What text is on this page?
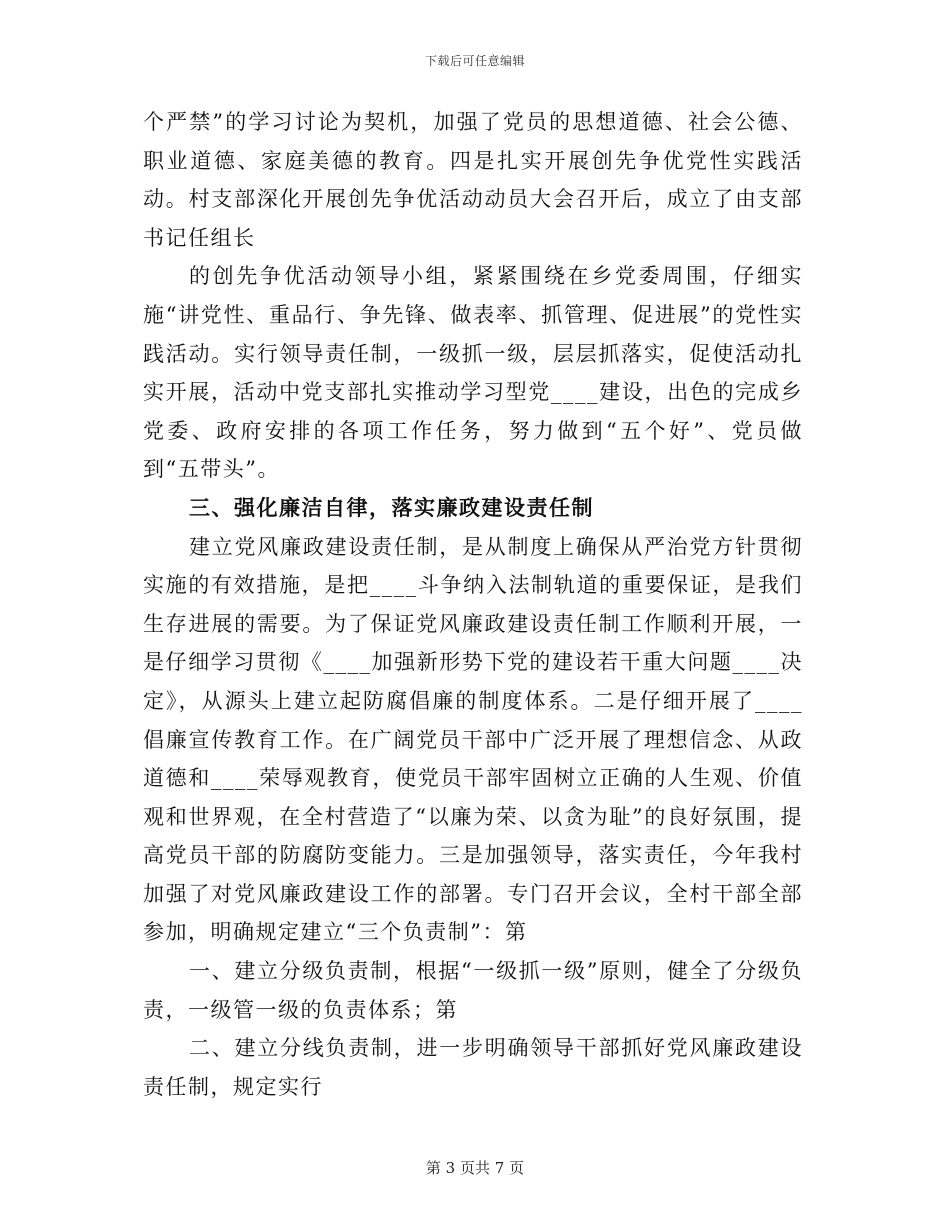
下载后可任意编辑

个严禁”的学习讨论为契机，加强了党员的思想道德、社会公德、职业道德、家庭美德的教育。四是扎实开展创先争优党性实践活动。村支部深化开展创先争优活动动员大会召开后，成立了由支部书记任组长

的创先争优活动领导小组，紧紧围绕在乡党委周围，仔细实施“讲党性、重品行、争先锋、做表率、抓管理、促进展”的党性实践活动。实行领导责任制，一级抓一级，层层抓落实，促使活动扎实开展，活动中党支部扎实推动学习型党____建设，出色的完成乡党委、政府安排的各项工作任务，努力做到“五个好”、党员做到“五带头”。

三、强化廉洁自律，落实廉政建设责任制

建立党风廉政建设责任制，是从制度上确保从严治党方针贯彻实施的有效措施，是把____斗争纳入法制轨道的重要保证，是我们生存进展的需要。为了保证党风廉政建设责任制工作顺利开展，一是仔细学习贯彻《____加强新形势下党的建设若干重大问题____决定》，从源头上建立起防腐倡廉的制度体系。二是仔细开展了____倡廉宣传教育工作。在广阔党员干部中广泛开展了理想信念、从政道德和____荣辱观教育，使党员干部牢固树立正确的人生观、价值观和世界观，在全村营造了“以廉为荣、以贪为耻”的良好氛围，提高党员干部的防腐防变能力。三是加强领导，落实责任，今年我村加强了对党风廉政建设工作的部署。专门召开会议，全村干部全部参加，明确规定建立“三个负责制”：第

一、建立分级负责制，根据“一级抓一级”原则，健全了分级负责，一级管一级的负责体系；第

二、建立分线负责制，进一步明确领导干部抓好党风廉政建设责任制，规定实行

第 3 页共 7 页
